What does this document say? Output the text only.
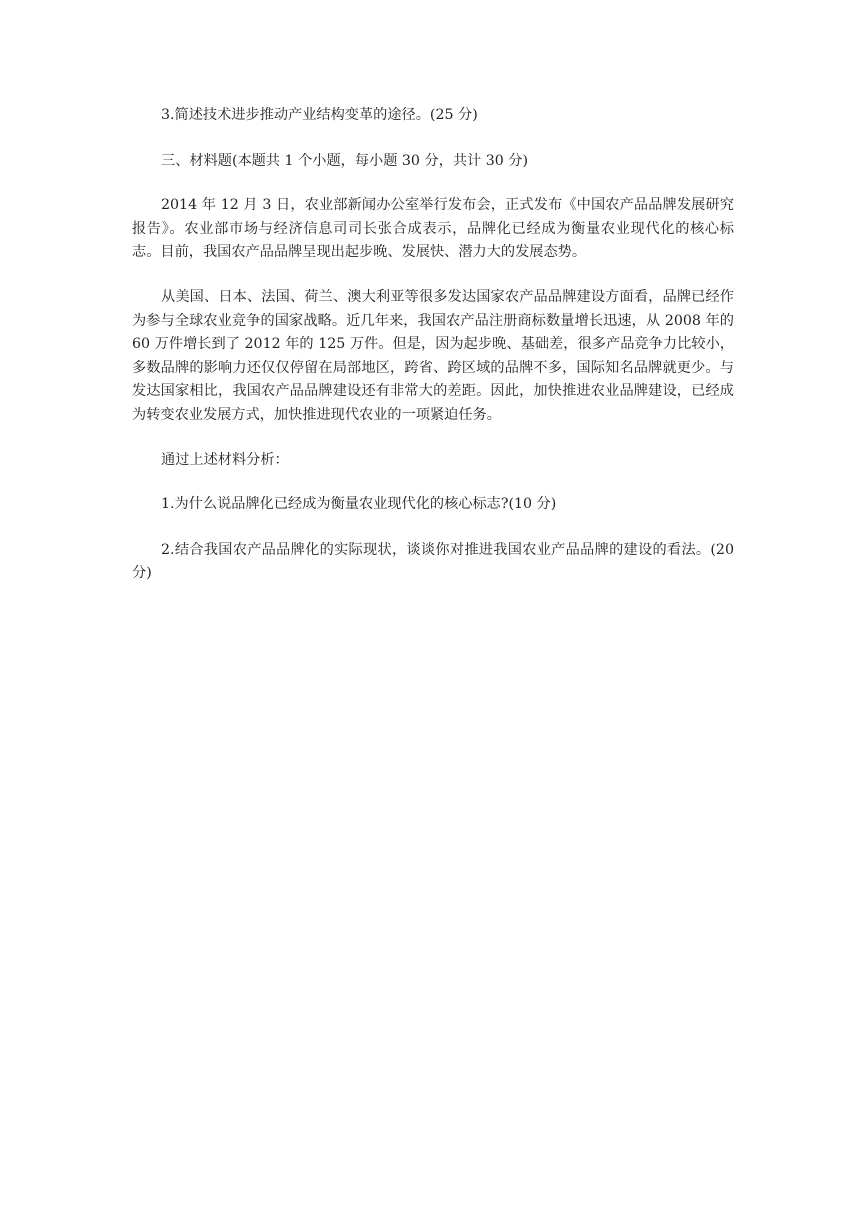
3.简述技术进步推动产业结构变革的途径。(25 分)

三、材料题(本题共 1 个小题，每小题 30 分，共计 30 分)

2014 年 12 月 3 日，农业部新闻办公室举行发布会，正式发布《中国农产品品牌发展研究报告》。农业部市场与经济信息司司长张合成表示，品牌化已经成为衡量农业现代化的核心标志。目前，我国农产品品牌呈现出起步晚、发展快、潜力大的发展态势。

从美国、日本、法国、荷兰、澳大利亚等很多发达国家农产品品牌建设方面看，品牌已经作为参与全球农业竞争的国家战略。近几年来，我国农产品注册商标数量增长迅速，从 2008 年的 60 万件增长到了 2012 年的 125 万件。但是，因为起步晚、基础差，很多产品竞争力比较小，多数品牌的影响力还仅仅停留在局部地区，跨省、跨区域的品牌不多，国际知名品牌就更少。与发达国家相比，我国农产品品牌建设还有非常大的差距。因此，加快推进农业品牌建设，已经成为转变农业发展方式，加快推进现代农业的一项紧迫任务。

通过上述材料分析：

1.为什么说品牌化已经成为衡量农业现代化的核心标志?(10 分)

2.结合我国农产品品牌化的实际现状，谈谈你对推进我国农业产品品牌的建设的看法。(20 分)
